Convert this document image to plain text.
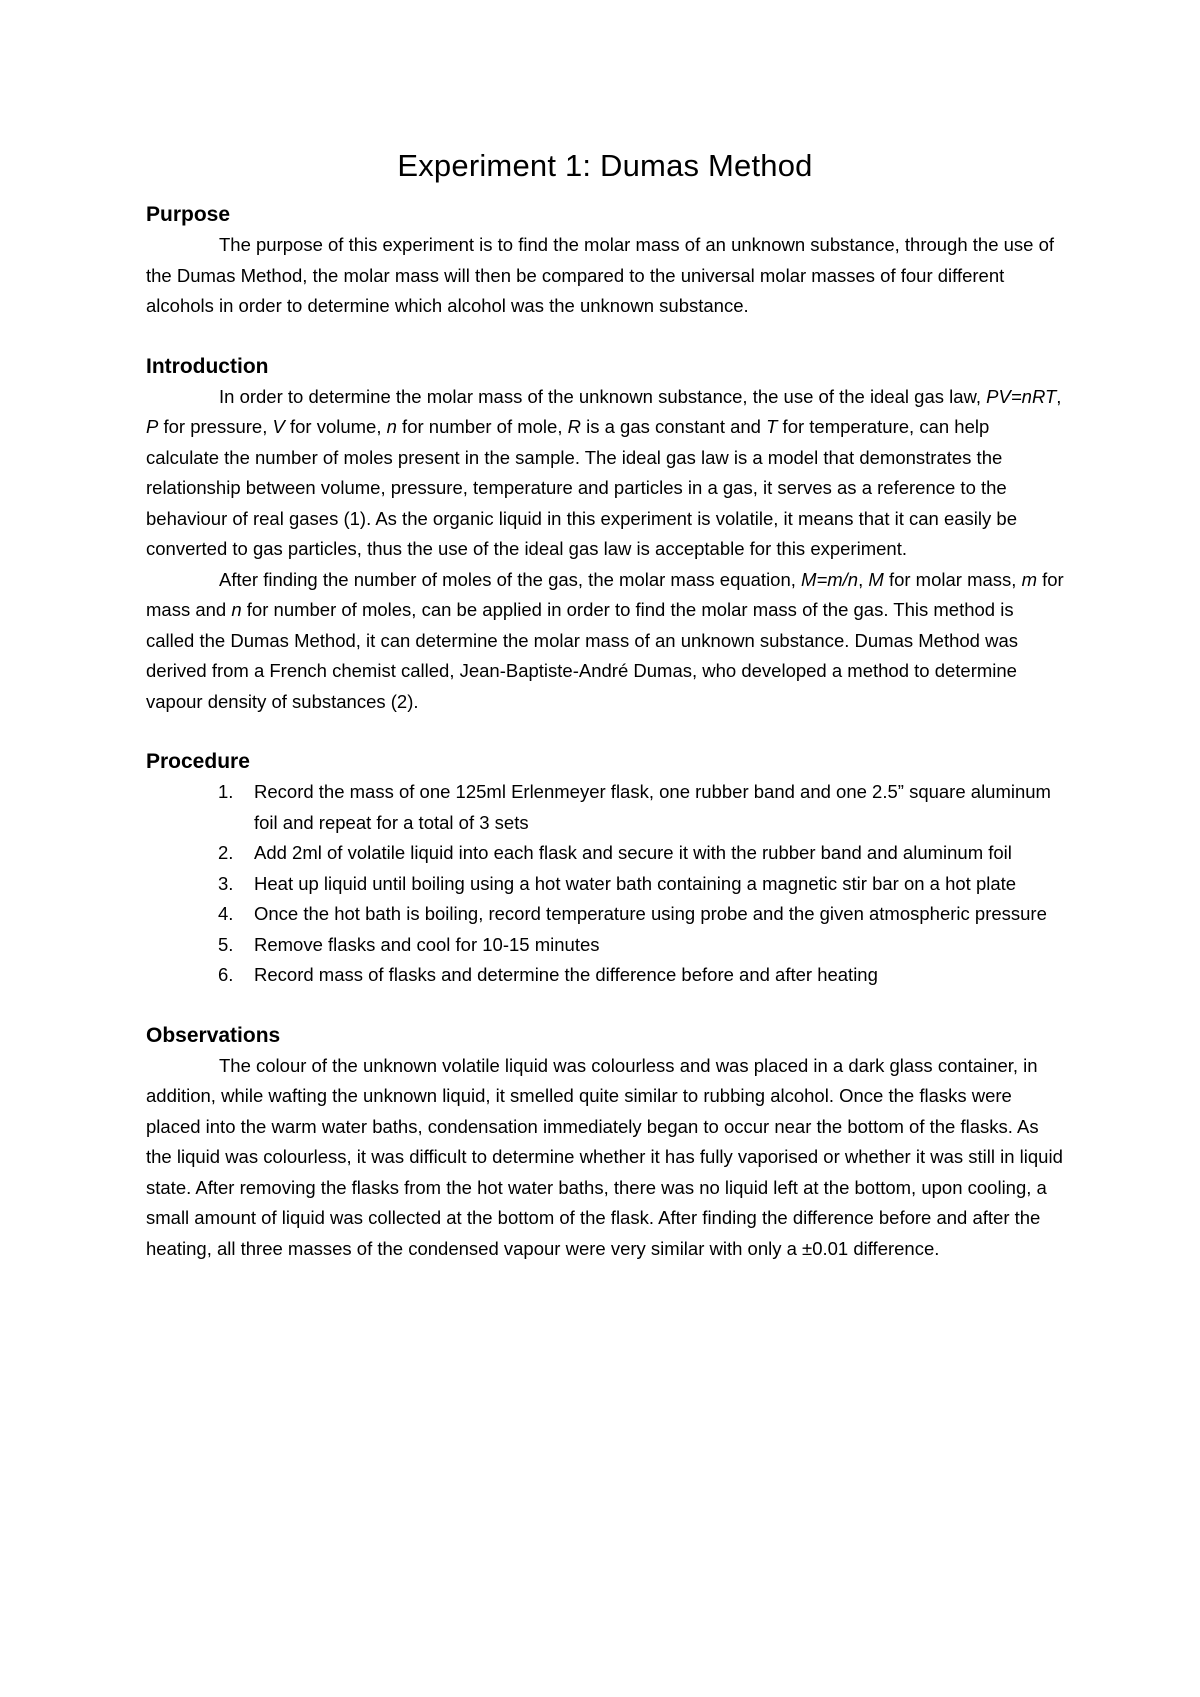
Experiment 1: Dumas Method
Purpose

The purpose of this experiment is to find the molar mass of an unknown substance, through the use of the Dumas Method, the molar mass will then be compared to the universal molar masses of four different alcohols in order to determine which alcohol was the unknown substance.

Introduction

In order to determine the molar mass of the unknown substance, the use of the ideal gas law, PV=nRT, P for pressure, V for volume, n for number of mole, R is a gas constant and T for temperature, can help calculate the number of moles present in the sample. The ideal gas law is a model that demonstrates the relationship between volume, pressure, temperature and particles in a gas, it serves as a reference to the behaviour of real gases (1). As the organic liquid in this experiment is volatile, it means that it can easily be converted to gas particles, thus the use of the ideal gas law is acceptable for this experiment.

After finding the number of moles of the gas, the molar mass equation, M=m/n, M for molar mass, m for mass and n for number of moles, can be applied in order to find the molar mass of the gas. This method is called the Dumas Method, it can determine the molar mass of an unknown substance. Dumas Method was derived from a French chemist called, Jean-Baptiste-André Dumas, who developed a method to determine vapour density of substances (2).

Procedure
1. Record the mass of one 125ml Erlenmeyer flask, one rubber band and one 2.5” square aluminum foil and repeat for a total of 3 sets
2. Add 2ml of volatile liquid into each flask and secure it with the rubber band and aluminum foil
3. Heat up liquid until boiling using a hot water bath containing a magnetic stir bar on a hot plate
4. Once the hot bath is boiling, record temperature using probe and the given atmospheric pressure
5. Remove flasks and cool for 10-15 minutes
6. Record mass of flasks and determine the difference before and after heating
Observations

The colour of the unknown volatile liquid was colourless and was placed in a dark glass container, in addition, while wafting the unknown liquid, it smelled quite similar to rubbing alcohol. Once the flasks were placed into the warm water baths, condensation immediately began to occur near the bottom of the flasks. As the liquid was colourless, it was difficult to determine whether it has fully vaporised or whether it was still in liquid state. After removing the flasks from the hot water baths, there was no liquid left at the bottom, upon cooling, a small amount of liquid was collected at the bottom of the flask. After finding the difference before and after the heating, all three masses of the condensed vapour were very similar with only a ±0.01 difference.
